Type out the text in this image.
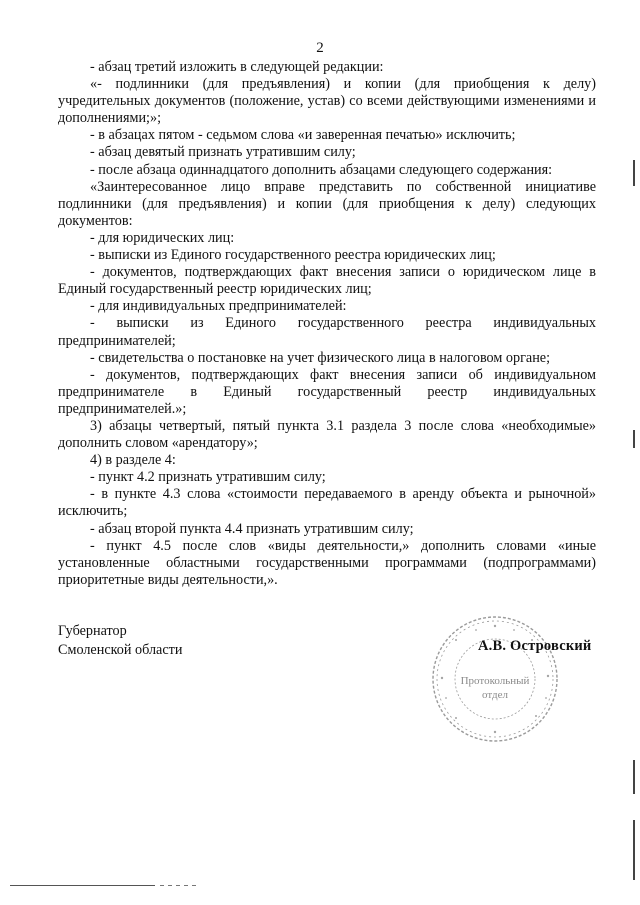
2

- абзац третий изложить в следующей редакции:

«- подлинники (для предъявления) и копии (для приобщения к делу) учредительных документов (положение, устав) со всеми действующими изменениями и дополнениями;»;

- в абзацах пятом - седьмом слова «и заверенная печатью» исключить;

- абзац девятый признать утратившим силу;

- после абзаца одиннадцатого дополнить абзацами следующего содержания:

«Заинтересованное лицо вправе представить по собственной инициативе подлинники (для предъявления) и копии (для приобщения к делу) следующих документов:

- для юридических лиц:

- выписки из Единого государственного реестра юридических лиц;

- документов, подтверждающих факт внесения записи о юридическом лице в Единый государственный реестр юридических лиц;

- для индивидуальных предпринимателей:

- выписки из Единого государственного реестра индивидуальных предпринимателей;

- свидетельства о постановке на учет физического лица в налоговом органе;

- документов, подтверждающих факт внесения записи об индивидуальном предпринимателе в Единый государственный реестр индивидуальных предпринимателей.»;

3) абзацы четвертый, пятый пункта 3.1 раздела 3 после слова «необходимые» дополнить словом «арендатору»;

4) в разделе 4:

- пункт 4.2 признать утратившим силу;

- в пункте 4.3 слова «стоимости передаваемого в аренду объекта и рыночной» исключить;

- абзац второй пункта 4.4 признать утратившим силу;

- пункт 4.5 после слов «виды деятельности,» дополнить словами «иные установленные областными государственными программами (подпрограммами) приоритетные виды деятельности,».

Губернатор
Смоленской области
Протокольный
отдел
А.В. Островский
